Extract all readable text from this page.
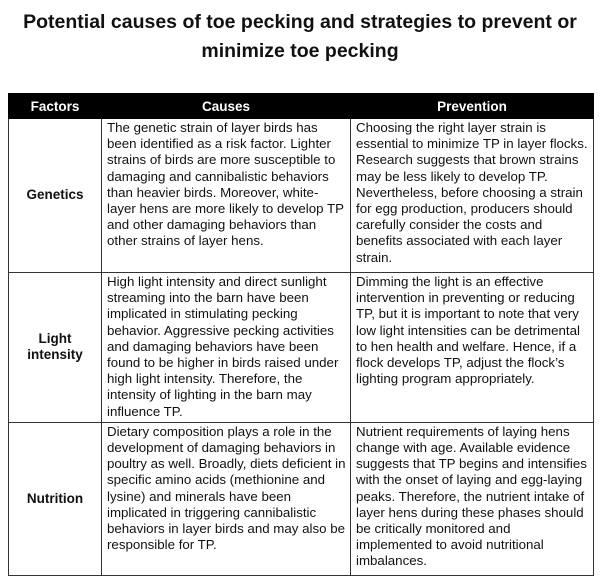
Potential causes of toe pecking and strategies to prevent or minimize toe pecking
Factors	Causes	Prevention
Genetics	The genetic strain of layer birds has been identified as a risk factor. Lighter strains of birds are more susceptible to damaging and cannibalistic behaviors than heavier birds. Moreover, white-layer hens are more likely to develop TP and other damaging behaviors than other strains of layer hens.	Choosing the right layer strain is essential to minimize TP in layer flocks. Research suggests that brown strains may be less likely to develop TP. Nevertheless, before choosing a strain for egg production, producers should carefully consider the costs and benefits associated with each layer strain.
Light intensity	High light intensity and direct sunlight streaming into the barn have been implicated in stimulating pecking behavior. Aggressive pecking activities and damaging behaviors have been found to be higher in birds raised under high light intensity. Therefore, the intensity of lighting in the barn may influence TP.	Dimming the light is an effective intervention in preventing or reducing TP, but it is important to note that very low light intensities can be detrimental to hen health and welfare. Hence, if a flock develops TP, adjust the flock’s lighting program appropriately.
Nutrition	Dietary composition plays a role in the development of damaging behaviors in poultry as well. Broadly, diets deficient in specific amino acids (methionine and lysine) and minerals have been implicated in triggering cannibalistic behaviors in layer birds and may also be responsible for TP.	Nutrient requirements of laying hens change with age. Available evidence suggests that TP begins and intensifies with the onset of laying and egg-laying peaks. Therefore, the nutrient intake of layer hens during these phases should be critically monitored and implemented to avoid nutritional imbalances.
